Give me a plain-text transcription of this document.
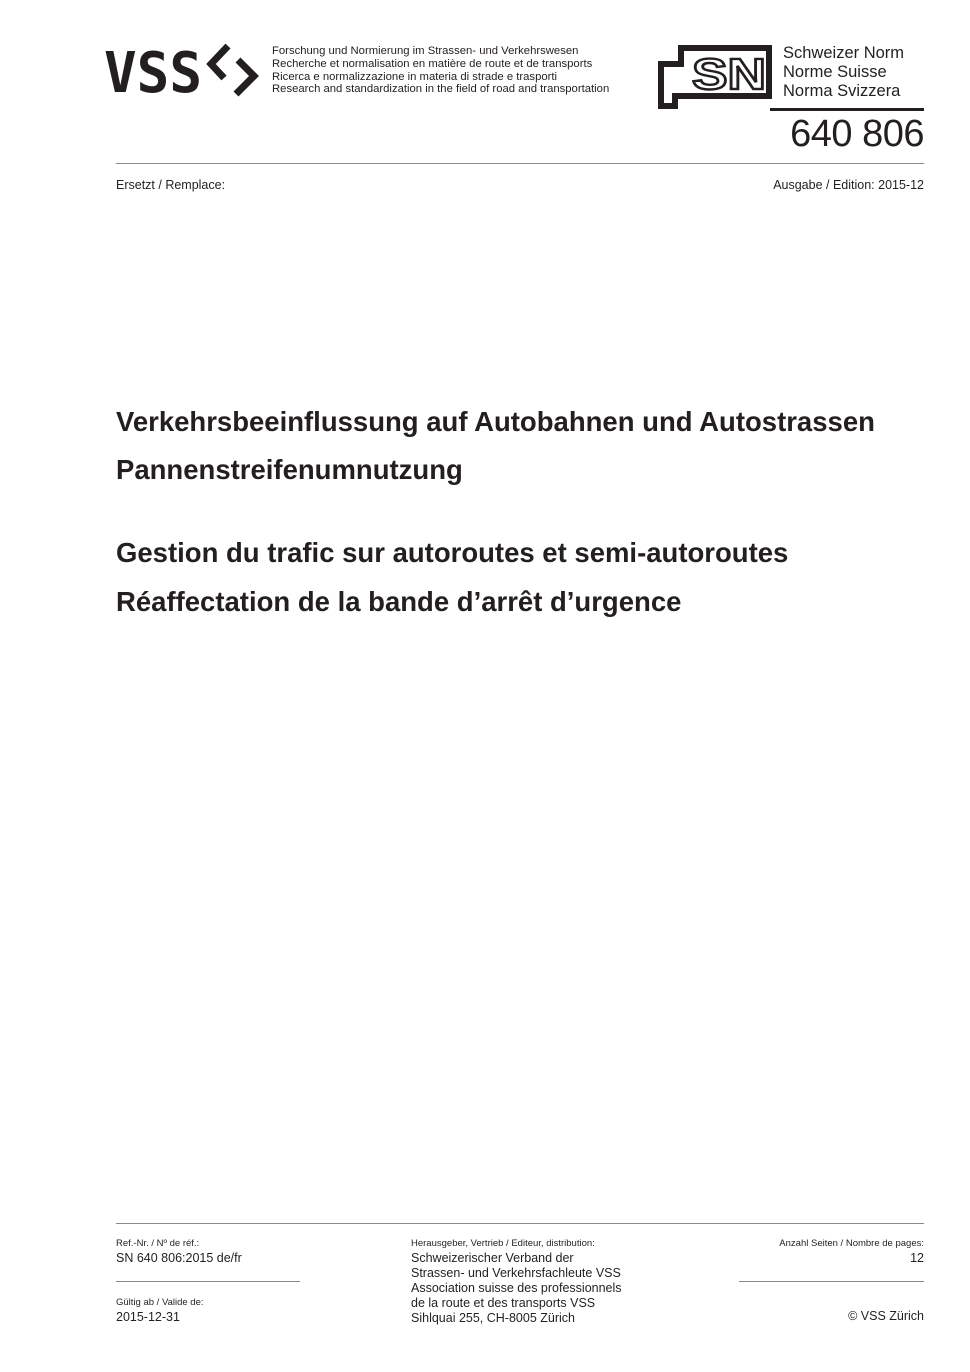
VSS	Forschung und Normierung im Strassen- und Verkehrswesen
Recherche et normalisation en matière de route et de transports
Ricerca e normalizzazione in materia di strade e trasporti
Research and standardization in the field of road and transportation SN Schweizer Norm
Norme Suisse
Norma Svizzera
640 806
Ersetzt / Remplace:	Ausgabe / Edition: 2015-12
Verkehrsbeeinflussung auf Autobahnen und Autostrassen
Pannenstreifenumnutzung
Gestion du trafic sur autoroutes et semi-autoroutes
Réaffectation de la bande d’arrêt d’urgence
Ref.-Nr. / Nº de réf.:
SN 640 806:2015 de/fr
Gültig ab / Valide de:
2015-12-31
Herausgeber, Vertrieb / Editeur, distribution:
Schweizerischer Verband der
Strassen- und Verkehrsfachleute VSS
Association suisse des professionnels
de la route et des transports VSS
Sihlquai 255, CH-8005 Zürich
Anzahl Seiten / Nombre de pages:
12
© VSS Zürich
